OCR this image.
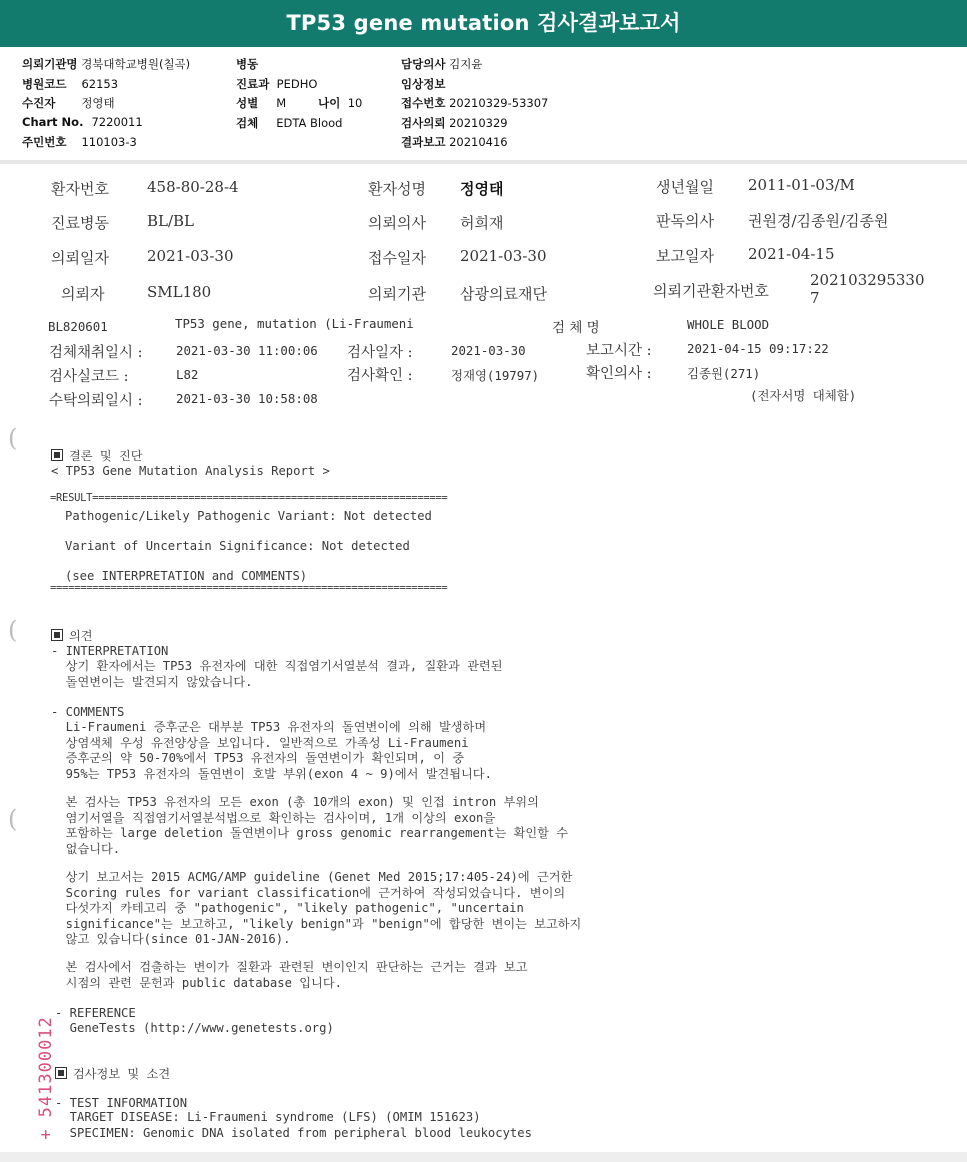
TP53 gene mutation 검사결과보고서
의뢰기관명 경북대학교병원(칠곡)
병원코드 62153
수진자 정영태
Chart No. 7220011
주민번호 110103-3
병동
진료과 PEDHO
성별 M	나이 10
검체 EDTA Blood
담당의사 김지윤
임상정보
접수번호 20210329-53307
검사의뢰 20210329
결과보고 20210416
환자번호	458-80-28-4	환자성명 정영태	생년월일 2011-01-03/M
진료병동	BL/BL	의뢰의사 허희재	판독의사 권원경/김종원/김종원
의뢰일자	2021-03-30	접수일자 2021-03-30	보고일자 2021-04-15
의뢰자	SML180	의뢰기관 삼광의료재단	의뢰기관환자번호
202103295330
7
BL820601	TP53 gene, mutation (Li-Fraumeni	검 체 명	WHOLE BLOOD
검체채취일시 :	2021-03-30 11:00:06 검사일자 :	2021-03-30	보고시간 :	2021-04-15 09:17:22
검사실코드 :	L82	검사확인 :	정재영(19797)	확인의사 :	김종원(271)
수탁의뢰일시 :	2021-03-30 10:58:08	(전자서명 대체함)
(
(
(
결론 및 진단
< TP53 Gene Mutation Analysis Report >
=RESULT===========================================================
Pathogenic/Likely Pathogenic Variant: Not detected
Variant of Uncertain Significance: Not detected
(see INTERPRETATION and COMMENTS)
==================================================================
의견
- INTERPRETATION
상기 환자에서는 TP53 유전자에 대한 직접염기서열분석 결과, 질환과 관련된
돌연변이는 발견되지 않았습니다.
- COMMENTS
Li-Fraumeni 증후군은 대부분 TP53 유전자의 돌연변이에 의해 발생하며
상염색체 우성 유전양상을 보입니다. 일반적으로 가족성 Li-Fraumeni
증후군의 약 50-70%에서 TP53 유전자의 돌연변이가 확인되며, 이 중
95%는 TP53 유전자의 돌연변이 호발 부위(exon 4 ~ 9)에서 발견됩니다.
본 검사는 TP53 유전자의 모든 exon (총 10개의 exon) 및 인접 intron 부위의
염기서열을 직접염기서열분석법으로 확인하는 검사이며, 1개 이상의 exon을
포함하는 large deletion 돌연변이나 gross genomic rearrangement는 확인할 수
없습니다.
상기 보고서는 2015 ACMG/AMP guideline (Genet Med 2015;17:405-24)에 근거한
Scoring rules for variant classification에 근거하여 작성되었습니다. 변이의
다섯가지 카테고리 중 "pathogenic", "likely pathogenic", "uncertain
significance"는 보고하고, "likely benign"과 "benign"에 합당한 변이는 보고하지
않고 있습니다(since 01-JAN-2016).
본 검사에서 검출하는 변이가 질환과 관련된 변이인지 판단하는 근거는 결과 보고
시점의 관련 문헌과 public database 입니다.
- REFERENCE
GeneTests (http://www.genetests.org)
검사정보 및 소견
- TEST INFORMATION
TARGET DISEASE: Li-Fraumeni syndrome (LFS) (OMIM 151623)
SPECIMEN: Genomic DNA isolated from peripheral blood leukocytes
+ 541300012
